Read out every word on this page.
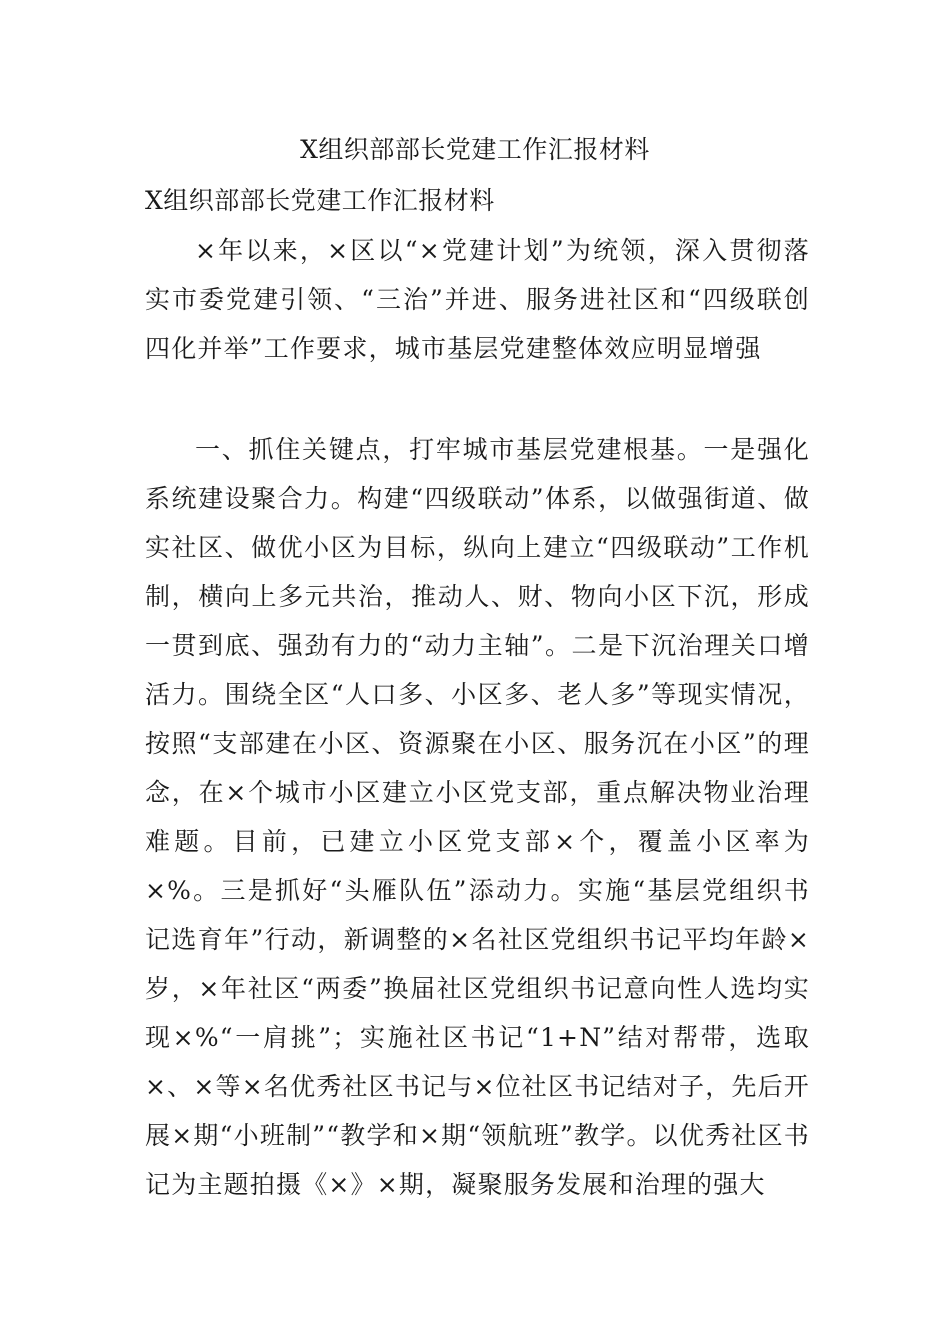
X组织部部长党建工作汇报材料
X组织部部长党建工作汇报材料

×年以来，×区以“×党建计划”为统领，深入贯彻落实市委党建引领、“三治”并进、服务进社区和“四级联创四化并举”工作要求，城市基层党建整体效应明显增强

一、抓住关键点，打牢城市基层党建根基。一是强化系统建设聚合力。构建“四级联动”体系，以做强街道、做实社区、做优小区为目标，纵向上建立“四级联动”工作机制，横向上多元共治，推动人、财、物向小区下沉，形成一贯到底、强劲有力的“动力主轴”。二是下沉治理关口增活力。围绕全区“人口多、小区多、老人多”等现实情况，按照“支部建在小区、资源聚在小区、服务沉在小区”的理念，在×个城市小区建立小区党支部，重点解决物业治理难题。目前，已建立小区党支部×个，覆盖小区率为×%。三是抓好“头雁队伍”添动力。实施“基层党组织书记选育年”行动，新调整的×名社区党组织书记平均年龄×岁，×年社区“两委”换届社区党组织书记意向性人选均实现×%“一肩挑”；实施社区书记“1+N”结对帮带，选取×、×等×名优秀社区书记与×位社区书记结对子，先后开展×期“小班制”“教学和×期“领航班”教学。以优秀社区书记为主题拍摄《×》×期，凝聚服务发展和治理的强大
